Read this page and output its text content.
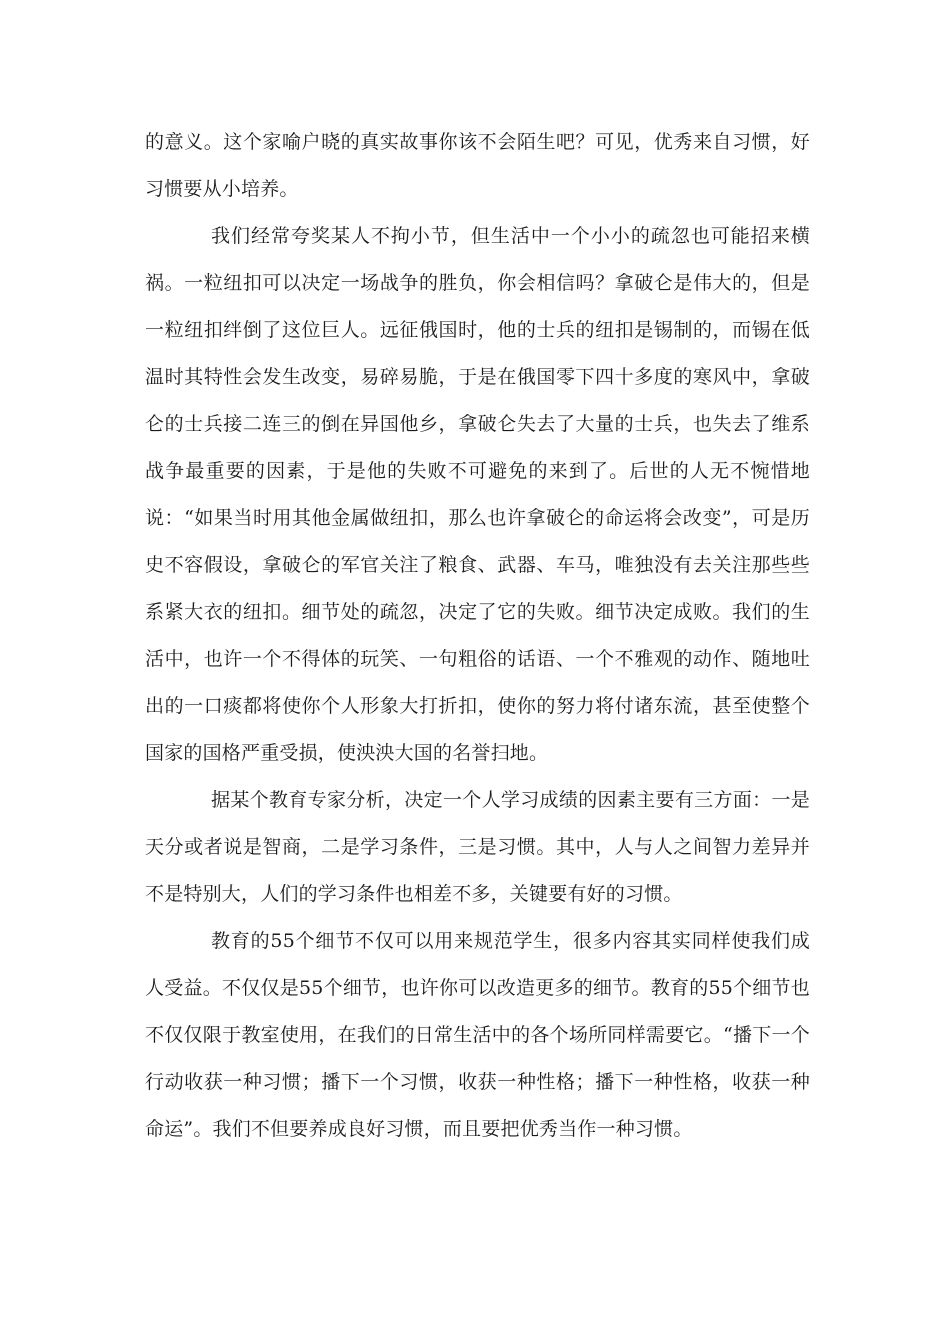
的意义。这个家喻户晓的真实故事你该不会陌生吧？可见，优秀来自习惯，好习惯要从小培养。

我们经常夸奖某人不拘小节，但生活中一个小小的疏忽也可能招来横祸。一粒纽扣可以决定一场战争的胜负，你会相信吗？拿破仑是伟大的，但是一粒纽扣绊倒了这位巨人。远征俄国时，他的士兵的纽扣是锡制的，而锡在低温时其特性会发生改变，易碎易脆，于是在俄国零下四十多度的寒风中，拿破仑的士兵接二连三的倒在异国他乡，拿破仑失去了大量的士兵，也失去了维系战争最重要的因素，于是他的失败不可避免的来到了。后世的人无不惋惜地说：“如果当时用其他金属做纽扣，那么也许拿破仑的命运将会改变”，可是历史不容假设，拿破仑的军官关注了粮食、武器、车马，唯独没有去关注那些些系紧大衣的纽扣。细节处的疏忽，决定了它的失败。细节决定成败。我们的生活中，也许一个不得体的玩笑、一句粗俗的话语、一个不雅观的动作、随地吐出的一口痰都将使你个人形象大打折扣，使你的努力将付诸东流，甚至使整个国家的国格严重受损，使泱泱大国的名誉扫地。

据某个教育专家分析，决定一个人学习成绩的因素主要有三方面：一是天分或者说是智商，二是学习条件，三是习惯。其中，人与人之间智力差异并不是特别大，人们的学习条件也相差不多，关键要有好的习惯。

教育的55个细节不仅可以用来规范学生，很多内容其实同样使我们成人受益。不仅仅是55个细节，也许你可以改造更多的细节。教育的55个细节也不仅仅限于教室使用，在我们的日常生活中的各个场所同样需要它。“播下一个行动收获一种习惯；播下一个习惯，收获一种性格；播下一种性格，收获一种命运”。我们不但要养成良好习惯，而且要把优秀当作一种习惯。
